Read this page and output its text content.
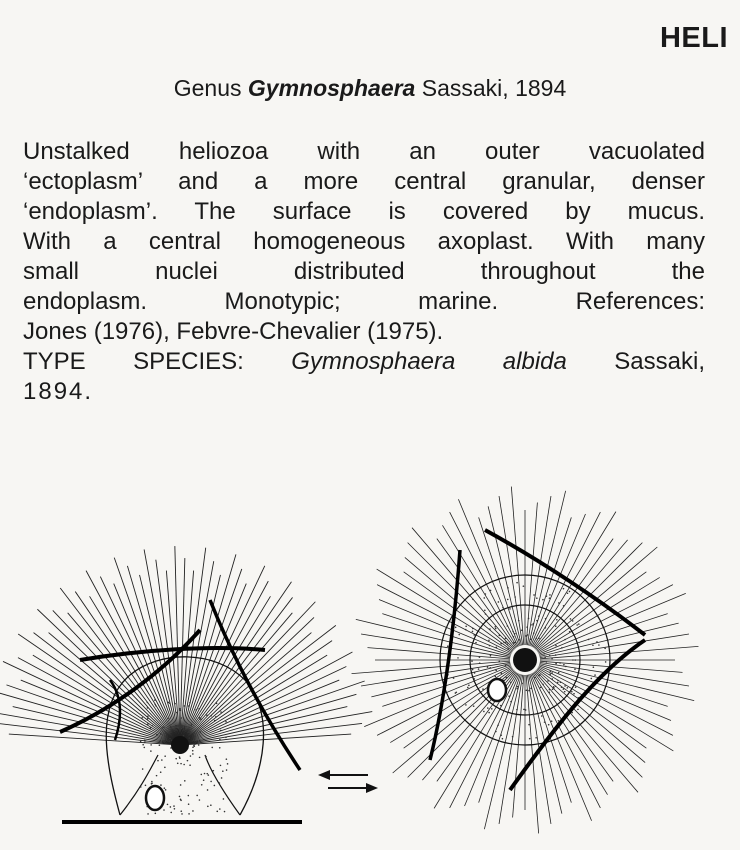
HELI
Genus Gymnosphaera Sassaki, 1894

Unstalked heliozoa with an outer vacuolated

‘ectoplasm’ and a more central granular, denser

‘endoplasm’. The surface is covered by mucus.

With a central homogeneous axoplast. With many

small nuclei distributed throughout the

endoplasm. Monotypic; marine. References:

Jones (1976), Febvre-Chevalier (1975).

TYPE SPECIES: Gymnosphaera albida Sassaki,

1894.
